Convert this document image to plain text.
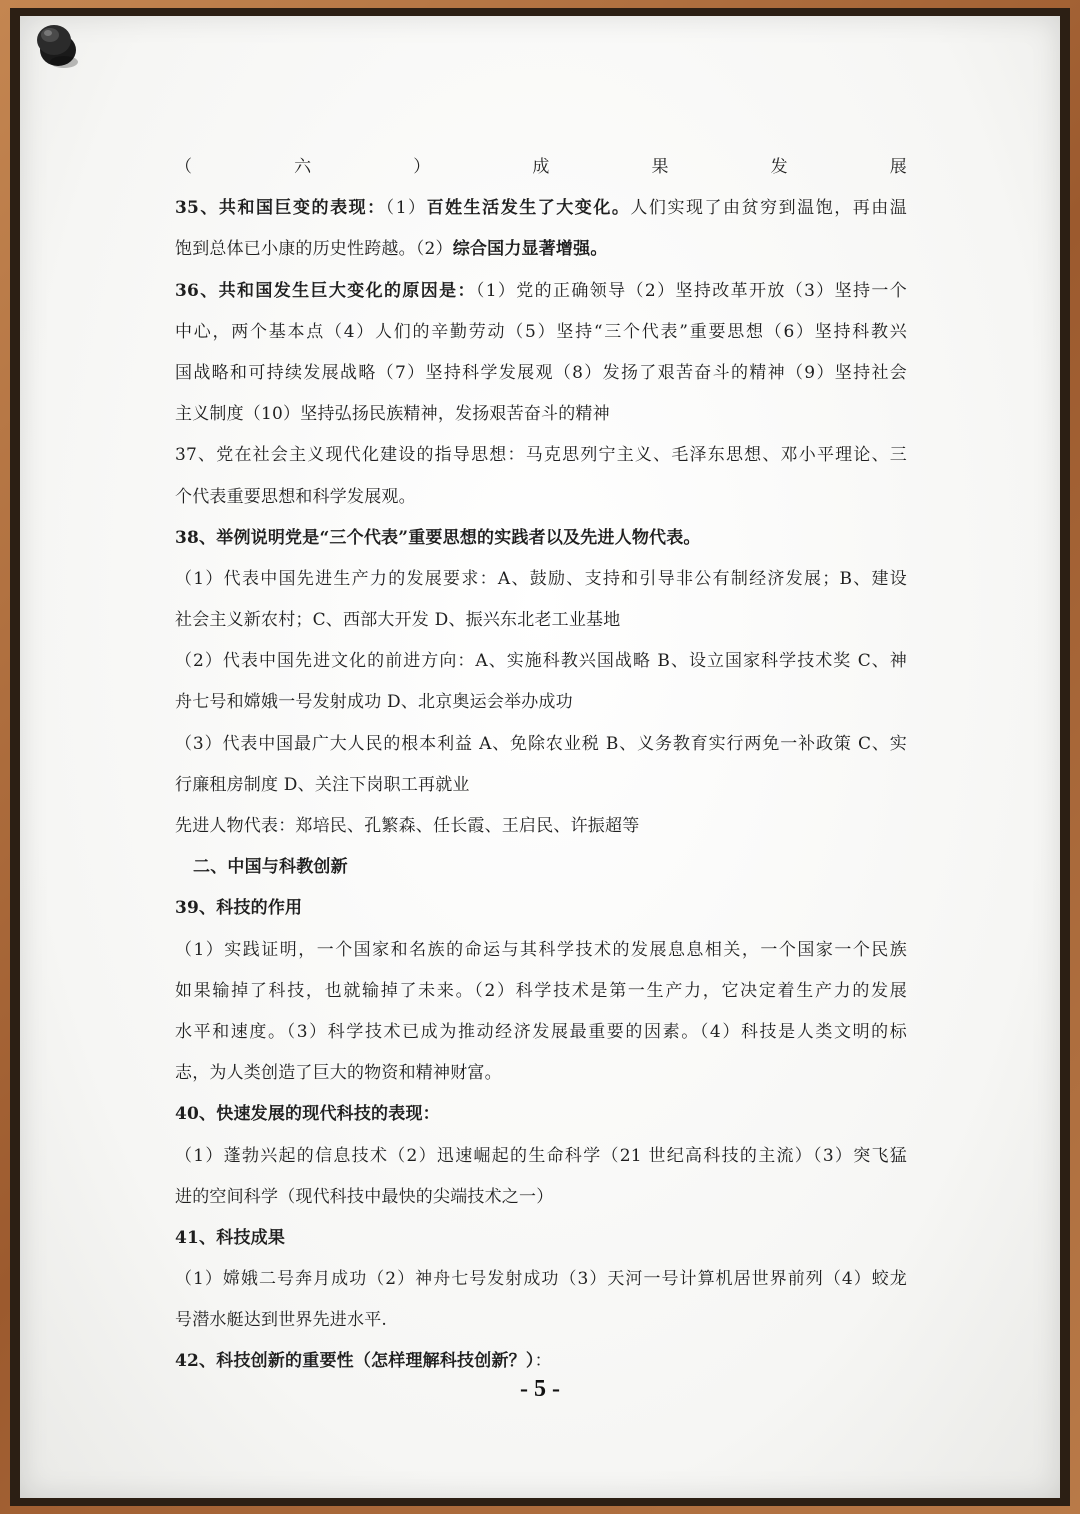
（六）成果发展
35、共和国巨变的表现：（1）百姓生活发生了大变化。人们实现了由贫穷到温饱，再由温
饱到总体已小康的历史性跨越。（2）综合国力显著增强。
36、共和国发生巨大变化的原因是：（1）党的正确领导（2）坚持改革开放（3）坚持一个
中心，两个基本点（4）人们的辛勤劳动（5）坚持“三个代表”重要思想（6）坚持科教兴
国战略和可持续发展战略（7）坚持科学发展观（8）发扬了艰苦奋斗的精神（9）坚持社会
主义制度（10）坚持弘扬民族精神，发扬艰苦奋斗的精神
37、党在社会主义现代化建设的指导思想：马克思列宁主义、毛泽东思想、邓小平理论、三
个代表重要思想和科学发展观。
38、举例说明党是“三个代表”重要思想的实践者以及先进人物代表。
（1）代表中国先进生产力的发展要求：A、鼓励、支持和引导非公有制经济发展；B、建设
社会主义新农村；C、西部大开发 D、振兴东北老工业基地
（2）代表中国先进文化的前进方向：A、实施科教兴国战略 B、设立国家科学技术奖 C、神
舟七号和嫦娥一号发射成功 D、北京奥运会举办成功
（3）代表中国最广大人民的根本利益 A、免除农业税 B、义务教育实行两免一补政策 C、实
行廉租房制度 D、关注下岗职工再就业
先进人物代表：郑培民、孔繁森、任长霞、王启民、许振超等
二、中国与科教创新
39、科技的作用
（1）实践证明，一个国家和名族的命运与其科学技术的发展息息相关，一个国家一个民族
如果输掉了科技，也就输掉了未来。（2）科学技术是第一生产力，它决定着生产力的发展
水平和速度。（3）科学技术已成为推动经济发展最重要的因素。（4）科技是人类文明的标
志，为人类创造了巨大的物资和精神财富。
40、快速发展的现代科技的表现：
（1）蓬勃兴起的信息技术（2）迅速崛起的生命科学（21 世纪高科技的主流）（3）突飞猛
进的空间科学（现代科技中最快的尖端技术之一）
41、科技成果
（1）嫦娥二号奔月成功（2）神舟七号发射成功（3）天河一号计算机居世界前列（4）蛟龙
号潜水艇达到世界先进水平.
42、科技创新的重要性（怎样理解科技创新？）：
- 5 -
